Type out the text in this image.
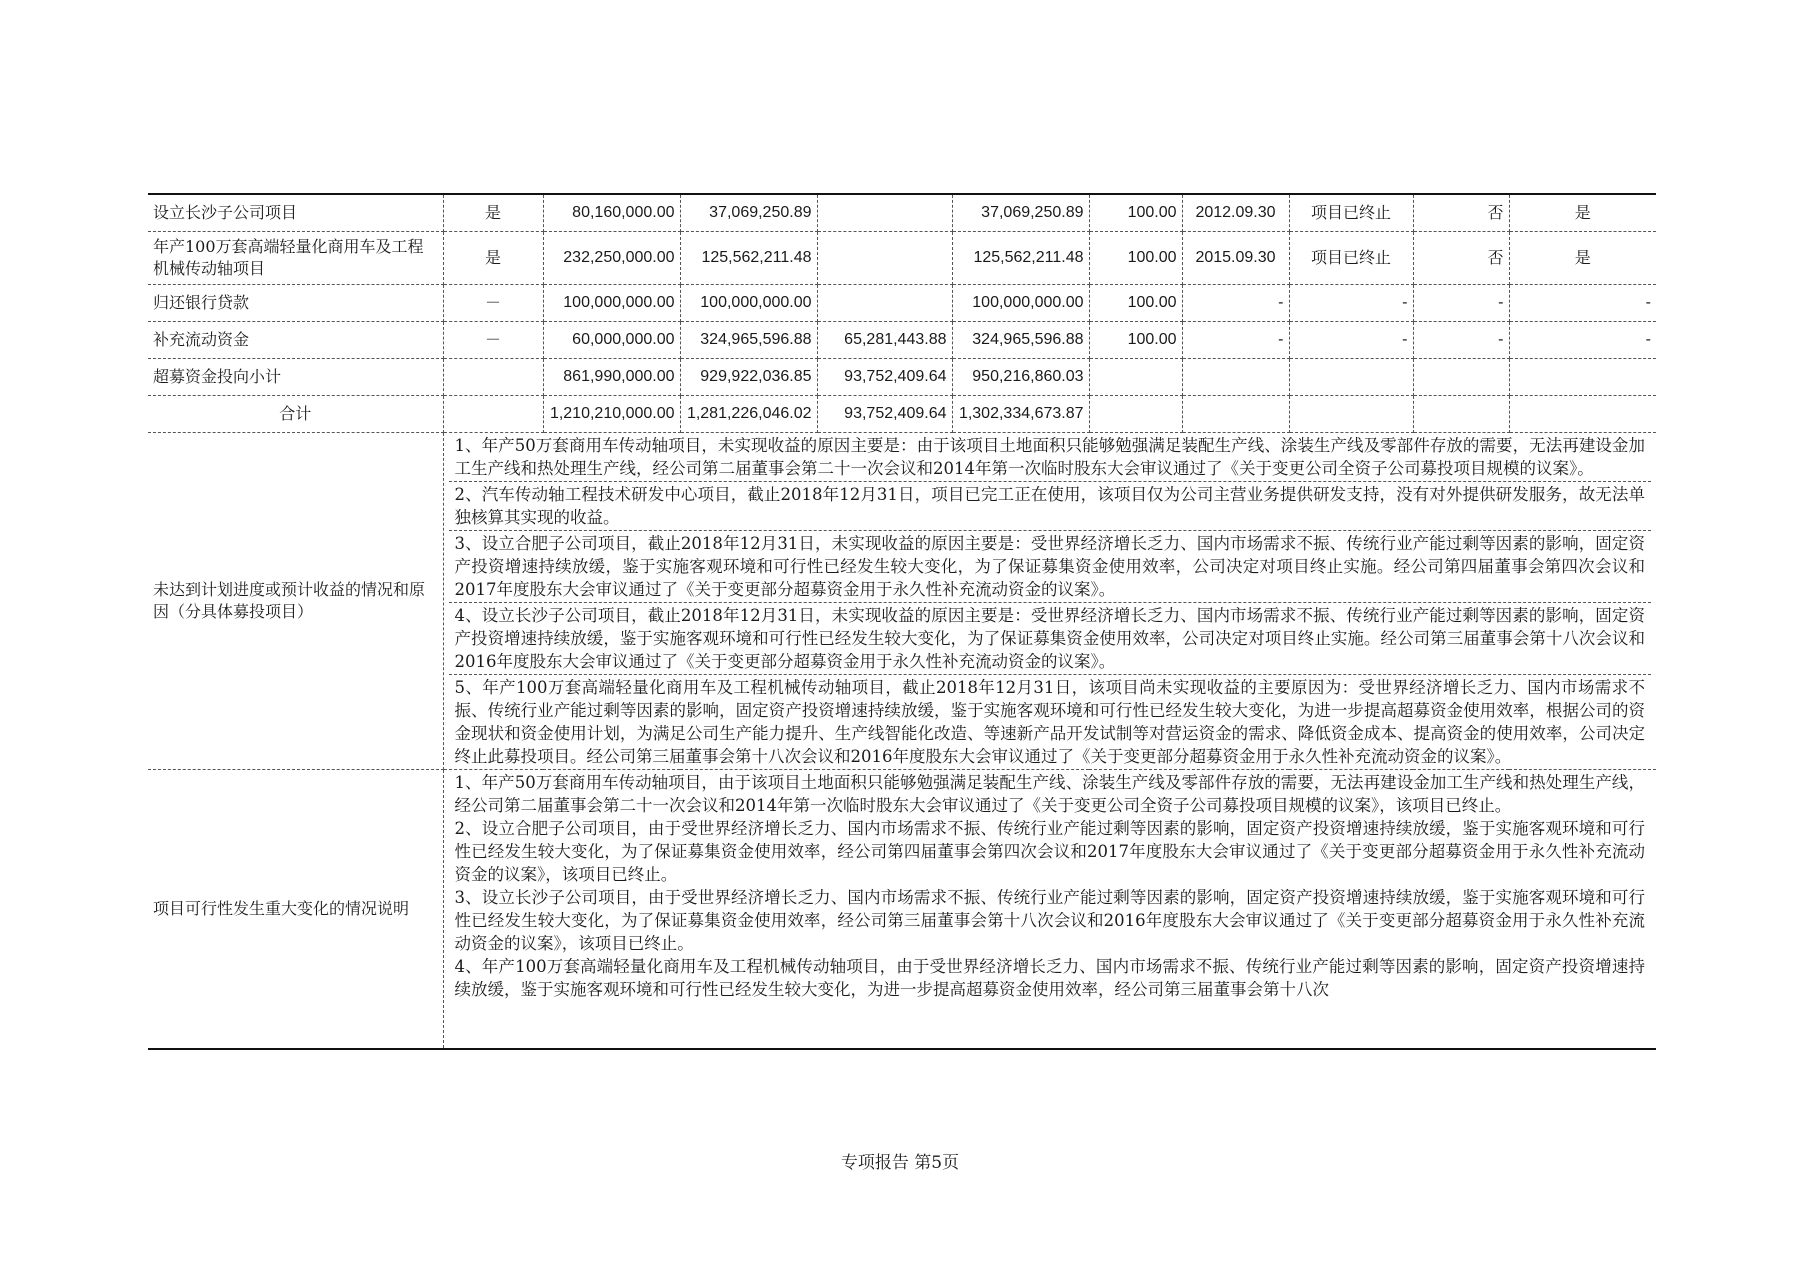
设立长沙子公司项目	是	80,160,000.00	37,069,250.89		37,069,250.89	100.00	2012.09.30	项目已终止	否	是
年产100万套高端轻量化商用车及工程机械传动轴项目	是	232,250,000.00	125,562,211.48		125,562,211.48	100.00	2015.09.30	项目已终止	否	是
归还银行贷款	－	100,000,000.00	100,000,000.00		100,000,000.00	100.00	-	-	-	-
补充流动资金	－	60,000,000.00	324,965,596.88	65,281,443.88	324,965,596.88	100.00	-	-	-	-
超募资金投向小计		861,990,000.00	929,922,036.85	93,752,409.64	950,216,860.03					
合计		1,210,210,000.00	1,281,226,046.02	93,752,409.64	1,302,334,673.87					
未达到计划进度或预计收益的情况和原因（分具体募投项目）	1、年产50万套商用车传动轴项目，未实现收益的原因主要是：由于该项目土地面积只能够勉强满足装配生产线、涂装生产线及零部件存放的需要，无法再建设金加工生产线和热处理生产线，经公司第二届董事会第二十一次会议和2014年第一次临时股东大会审议通过了《关于变更公司全资子公司募投项目规模的议案》。
2、汽车传动轴工程技术研发中心项目，截止2018年12月31日，项目已完工正在使用，该项目仅为公司主营业务提供研发支持，没有对外提供研发服务，故无法单独核算其实现的收益。
3、设立合肥子公司项目，截止2018年12月31日，未实现收益的原因主要是：受世界经济增长乏力、国内市场需求不振、传统行业产能过剩等因素的影响，固定资产投资增速持续放缓，鉴于实施客观环境和可行性已经发生较大变化，为了保证募集资金使用效率，公司决定对项目终止实施。经公司第四届董事会第四次会议和2017年度股东大会审议通过了《关于变更部分超募资金用于永久性补充流动资金的议案》。
4、设立长沙子公司项目，截止2018年12月31日，未实现收益的原因主要是：受世界经济增长乏力、国内市场需求不振、传统行业产能过剩等因素的影响，固定资产投资增速持续放缓，鉴于实施客观环境和可行性已经发生较大变化，为了保证募集资金使用效率，公司决定对项目终止实施。经公司第三届董事会第十八次会议和2016年度股东大会审议通过了《关于变更部分超募资金用于永久性补充流动资金的议案》。
5、年产100万套高端轻量化商用车及工程机械传动轴项目，截止2018年12月31日，该项目尚未实现收益的主要原因为：受世界经济增长乏力、国内市场需求不振、传统行业产能过剩等因素的影响，固定资产投资增速持续放缓，鉴于实施客观环境和可行性已经发生较大变化，为进一步提高超募资金使用效率，根据公司的资金现状和资金使用计划，为满足公司生产能力提升、生产线智能化改造、等速新产品开发试制等对营运资金的需求、降低资金成本、提高资金的使用效率，公司决定终止此募投项目。经公司第三届董事会第十八次会议和2016年度股东大会审议通过了《关于变更部分超募资金用于永久性补充流动资金的议案》。									

项目可行性发生重大变化的情况说明	1、年产50万套商用车传动轴项目，由于该项目土地面积只能够勉强满足装配生产线、涂装生产线及零部件存放的需要，无法再建设金加工生产线和热处理生产线，经公司第二届董事会第二十一次会议和2014年第一次临时股东大会审议通过了《关于变更公司全资子公司募投项目规模的议案》，该项目已终止。

2、设立合肥子公司项目，由于受世界经济增长乏力、国内市场需求不振、传统行业产能过剩等因素的影响，固定资产投资增速持续放缓，鉴于实施客观环境和可行性已经发生较大变化，为了保证募集资金使用效率，经公司第四届董事会第四次会议和2017年度股东大会审议通过了《关于变更部分超募资金用于永久性补充流动资金的议案》，该项目已终止。

3、设立长沙子公司项目，由于受世界经济增长乏力、国内市场需求不振、传统行业产能过剩等因素的影响，固定资产投资增速持续放缓，鉴于实施客观环境和可行性已经发生较大变化，为了保证募集资金使用效率，经公司第三届董事会第十八次会议和2016年度股东大会审议通过了《关于变更部分超募资金用于永久性补充流动资金的议案》，该项目已终止。

4、年产100万套高端轻量化商用车及工程机械传动轴项目，由于受世界经济增长乏力、国内市场需求不振、传统行业产能过剩等因素的影响，固定资产投资增速持续放缓，鉴于实施客观环境和可行性已经发生较大变化，为进一步提高超募资金使用效率，经公司第三届董事会第十八次									

专项报告 第5页
